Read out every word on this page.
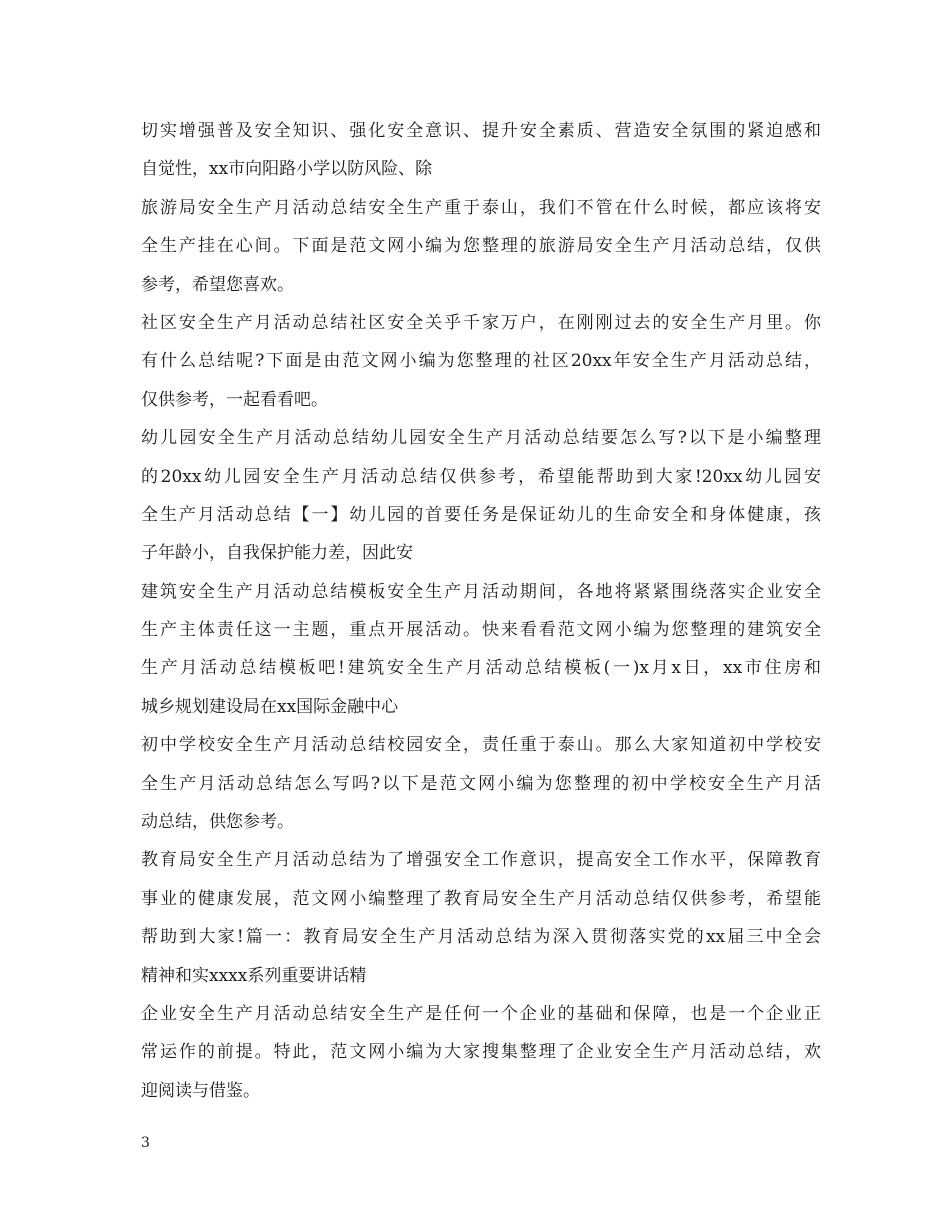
切实增强普及安全知识、强化安全意识、提升安全素质、营造安全氛围的紧迫感和
自觉性，xx市向阳路小学以防风险、除
旅游局安全生产月活动总结安全生产重于泰山，我们不管在什么时候，都应该将安
全生产挂在心间。下面是范文网小编为您整理的旅游局安全生产月活动总结，仅供
参考，希望您喜欢。
社区安全生产月活动总结社区安全关乎千家万户，在刚刚过去的安全生产月里。你
有什么总结呢?下面是由范文网小编为您整理的社区20xx年安全生产月活动总结，
仅供参考，一起看看吧。
幼儿园安全生产月活动总结幼儿园安全生产月活动总结要怎么写?以下是小编整理
的20xx幼儿园安全生产月活动总结仅供参考，希望能帮助到大家!20xx幼儿园安
全生产月活动总结【一】幼儿园的首要任务是保证幼儿的生命安全和身体健康，孩
子年龄小，自我保护能力差，因此安
建筑安全生产月活动总结模板安全生产月活动期间，各地将紧紧围绕落实企业安全
生产主体责任这一主题，重点开展活动。快来看看范文网小编为您整理的建筑安全
生产月活动总结模板吧!建筑安全生产月活动总结模板(一)x月x日，xx市住房和
城乡规划建设局在xx国际金融中心
初中学校安全生产月活动总结校园安全，责任重于泰山。那么大家知道初中学校安
全生产月活动总结怎么写吗?以下是范文网小编为您整理的初中学校安全生产月活
动总结，供您参考。
教育局安全生产月活动总结为了增强安全工作意识，提高安全工作水平，保障教育
事业的健康发展，范文网小编整理了教育局安全生产月活动总结仅供参考，希望能
帮助到大家!篇一：教育局安全生产月活动总结为深入贯彻落实党的xx届三中全会
精神和实xxxx系列重要讲话精
企业安全生产月活动总结安全生产是任何一个企业的基础和保障，也是一个企业正
常运作的前提。特此，范文网小编为大家搜集整理了企业安全生产月活动总结，欢
迎阅读与借鉴。
3
